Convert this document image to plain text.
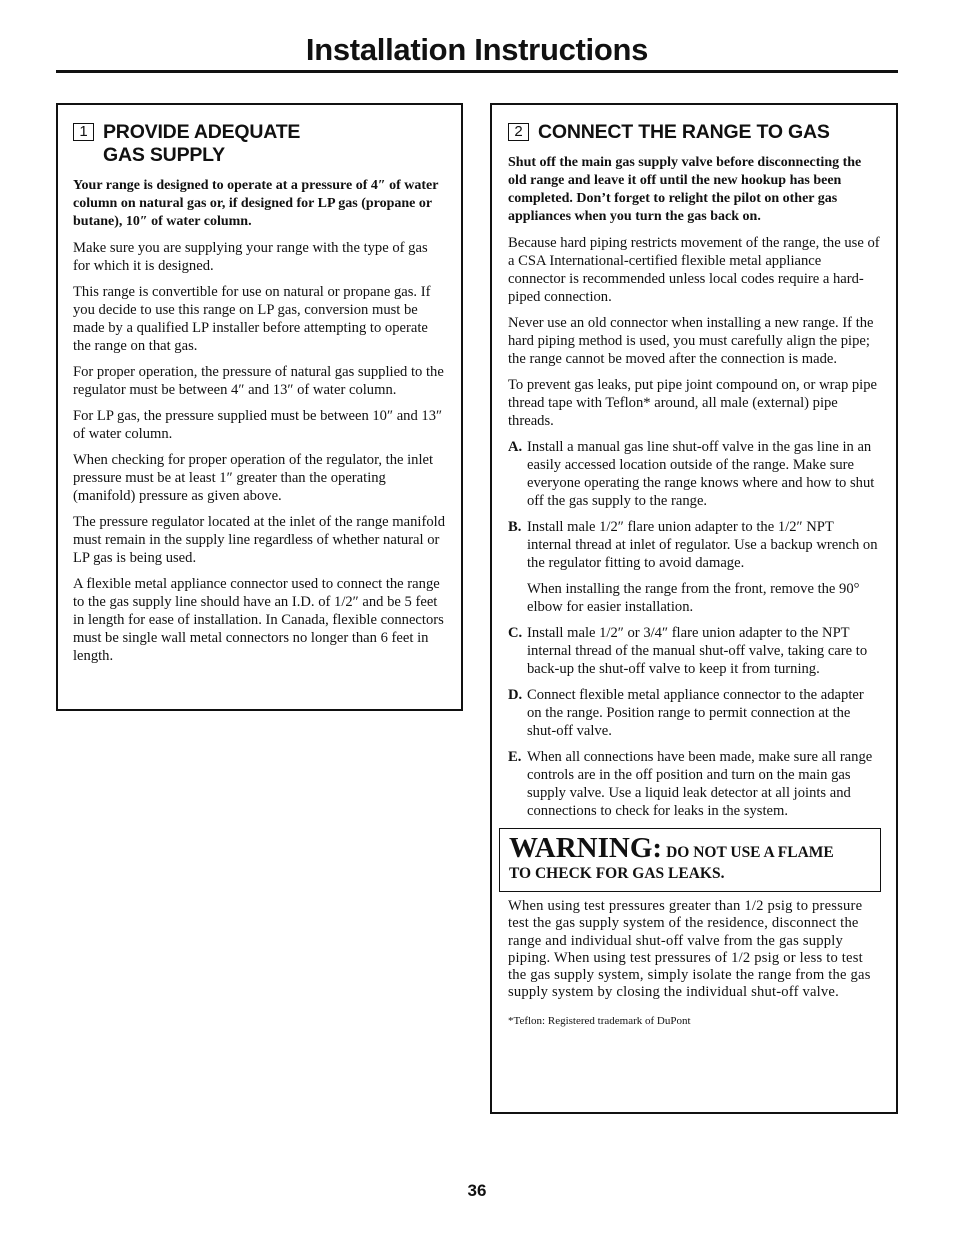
Installation Instructions
1 PROVIDE ADEQUATE
GAS SUPPLY

Your range is designed to operate at a pressure of 4″ of water column on natural gas or, if designed for LP gas (propane or butane), 10″ of water column.

Make sure you are supplying your range with the type of gas for which it is designed.

This range is convertible for use on natural or propane gas. If you decide to use this range on LP gas, conversion must be made by a qualified LP installer before attempting to operate the range on that gas.

For proper operation, the pressure of natural gas supplied to the regulator must be between 4″ and 13″ of water column.

For LP gas, the pressure supplied must be between 10″ and 13″ of water column.

When checking for proper operation of the regulator, the inlet pressure must be at least 1″ greater than the operating (manifold) pressure as given above.

The pressure regulator located at the inlet of the range manifold must remain in the supply line regardless of whether natural or LP gas is being used.

A flexible metal appliance connector used to connect the range to the gas supply line should have an I.D. of 1/2″ and be 5 feet in length for ease of installation. In Canada, flexible connectors must be single wall metal connectors no longer than 6 feet in length.

2 CONNECT THE RANGE TO GAS

Shut off the main gas supply valve before disconnecting the old range and leave it off until the new hookup has been completed. Don’t forget to relight the pilot on other gas appliances when you turn the gas back on.

Because hard piping restricts movement of the range, the use of a CSA International-certified flexible metal appliance connector is recommended unless local codes require a hard-piped connection.

Never use an old connector when installing a new range. If the hard piping method is used, you must carefully align the pipe; the range cannot be moved after the connection is made.

To prevent gas leaks, put pipe joint compound on, or wrap pipe thread tape with Teflon* around, all male (external) pipe threads.

A. Install a manual gas line shut-off valve in the gas line in an easily accessed location outside of the range. Make sure everyone operating the range knows where and how to shut off the gas supply to the range.
B. Install male 1/2″ flare union adapter to the 1/2″ NPT internal thread at inlet of regulator. Use a backup wrench on the regulator fitting to avoid damage.
When installing the range from the front, remove the 90° elbow for easier installation.
C. Install male 1/2″ or 3/4″ flare union adapter to the NPT internal thread of the manual shut-off valve, taking care to back-up the shut-off valve to keep it from turning.
D. Connect flexible metal appliance connector to the adapter on the range. Position range to permit connection at the shut-off valve.
E. When all connections have been made, make sure all range controls are in the off position and turn on the main gas supply valve. Use a liquid leak detector at all joints and connections to check for leaks in the system.
WARNING: DO NOT USE A FLAME
TO CHECK FOR GAS LEAKS.

When using test pressures greater than 1/2 psig to pressure test the gas supply system of the residence, disconnect the range and individual shut-off valve from the gas supply piping. When using test pressures of 1/2 psig or less to test the gas supply system, simply isolate the range from the gas supply system by closing the individual shut-off valve.

*Teflon: Registered trademark of DuPont
36
